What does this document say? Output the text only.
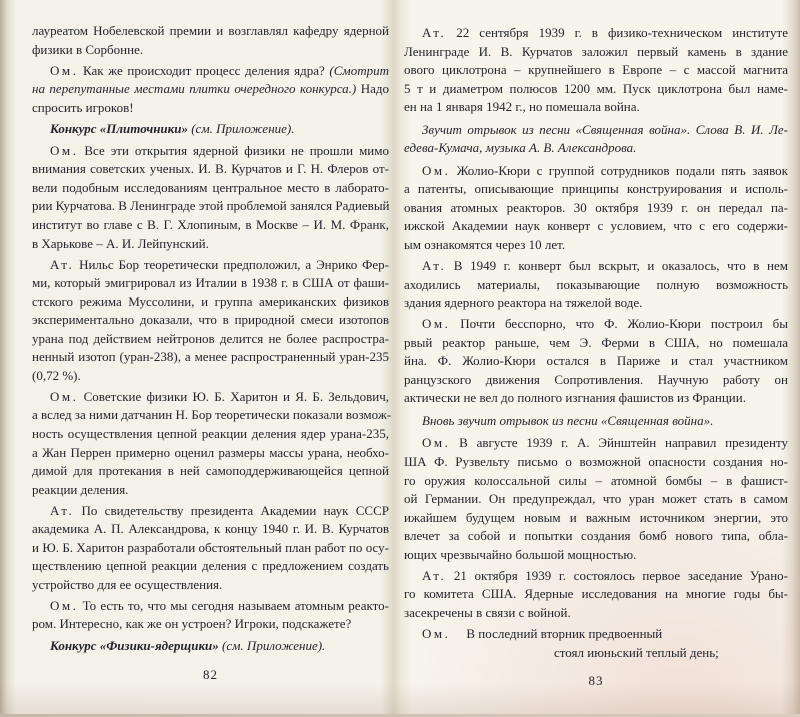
лауреатом Нобелевской премии и возглавлял кафедру ядерной
физики в Сорбонне.
Ом. Как же происходит процесс деления ядра? (Смотрит
на перепутанные местами плитки очередного конкурса.) Надо
спросить игроков!
Конкурс «Плиточники» (см. Приложение).
Ом. Все эти открытия ядерной физики не прошли мимо
внимания советских ученых. И. В. Курчатов и Г. Н. Флеров от-
вели подобным исследованиям центральное место в лаборато-
рии Курчатова. В Ленинграде этой проблемой занялся Радиевый
институт во главе с В. Г. Хлопиным, в Москве – И. М. Франк,
в Харькове – А. И. Лейпунский.
Ат. Нильс Бор теоретически предположил, а Энрико Фер-
ми, который эмигрировал из Италии в 1938 г. в США от фаши-
стского режима Муссолини, и группа американских физиков
экспериментально доказали, что в природной смеси изотопов
урана под действием нейтронов делится не более распростра-
ненный изотоп (уран-238), а менее распространенный уран-235
(0,72 %).
Ом. Советские физики Ю. Б. Харитон и Я. Б. Зельдович,
а вслед за ними датчанин Н. Бор теоретически показали возмож-
ность осуществления цепной реакции деления ядер урана-235,
а Жан Перрен примерно оценил размеры массы урана, необхо-
димой для протекания в ней самоподдерживающейся цепной
реакции деления.
Ат. По свидетельству президента Академии наук СССР
академика А. П. Александрова, к концу 1940 г. И. В. Курчатов
и Ю. Б. Харитон разработали обстоятельный план работ по осу-
ществлению цепной реакции деления с предложением создать
устройство для ее осуществления.
Ом. То есть то, что мы сегодня называем атомным реакто-
ром. Интересно, как же он устроен? Игроки, подскажете?
Конкурс «Физики-ядерщики» (см. Приложение).
82
Ат. 22 сентября 1939 г. в физико-техническом институте
Ленинграде И. В. Курчатов заложил первый камень в здание
ового циклотрона – крупнейшего в Европе – с массой магнита
5 т и диаметром полюсов 1200 мм. Пуск циклотрона был наме-
ен на 1 января 1942 г., но помешала война.
Звучит отрывок из песни «Священная война». Слова В. И. Ле-
едева-Кумача, музыка А. В. Александрова.
Ом. Жолио-Кюри с группой сотрудников подали пять заявок
а патенты, описывающие принципы конструирования и исполь-
ования атомных реакторов. 30 октября 1939 г. он передал па-
ижской Академии наук конверт с условием, что с его содержи-
ым ознакомятся через 10 лет.
Ат. В 1949 г. конверт был вскрыт, и оказалось, что в нем
аходились материалы, показывающие полную возможность
здания ядерного реактора на тяжелой воде.
Ом. Почти бесспорно, что Ф. Жолио-Кюри построил бы
рвый реактор раньше, чем Э. Ферми в США, но помешала
йна. Ф. Жолио-Кюри остался в Париже и стал участником
ранцузского движения Сопротивления. Научную работу он
актически не вел до полного изгнания фашистов из Франции.
Вновь звучит отрывок из песни «Священная война».
Ом. В августе 1939 г. А. Эйнштейн направил президенту
ША Ф. Рузвельту письмо о возможной опасности создания но-
го оружия колоссальной силы – атомной бомбы – в фашист-
ой Германии. Он предупреждал, что уран может стать в самом
ижайшем будущем новым и важным источником энергии, это
влечет за собой и попытки создания бомб нового типа, обла-
ющих чрезвычайно большой мощностью.
Ат. 21 октября 1939 г. состоялось первое заседание Урано-
го комитета США. Ядерные исследования на многие годы бы-
засекречены в связи с войной.
Ом. В последний вторник предвоенный
стоял июньский теплый день;
83
